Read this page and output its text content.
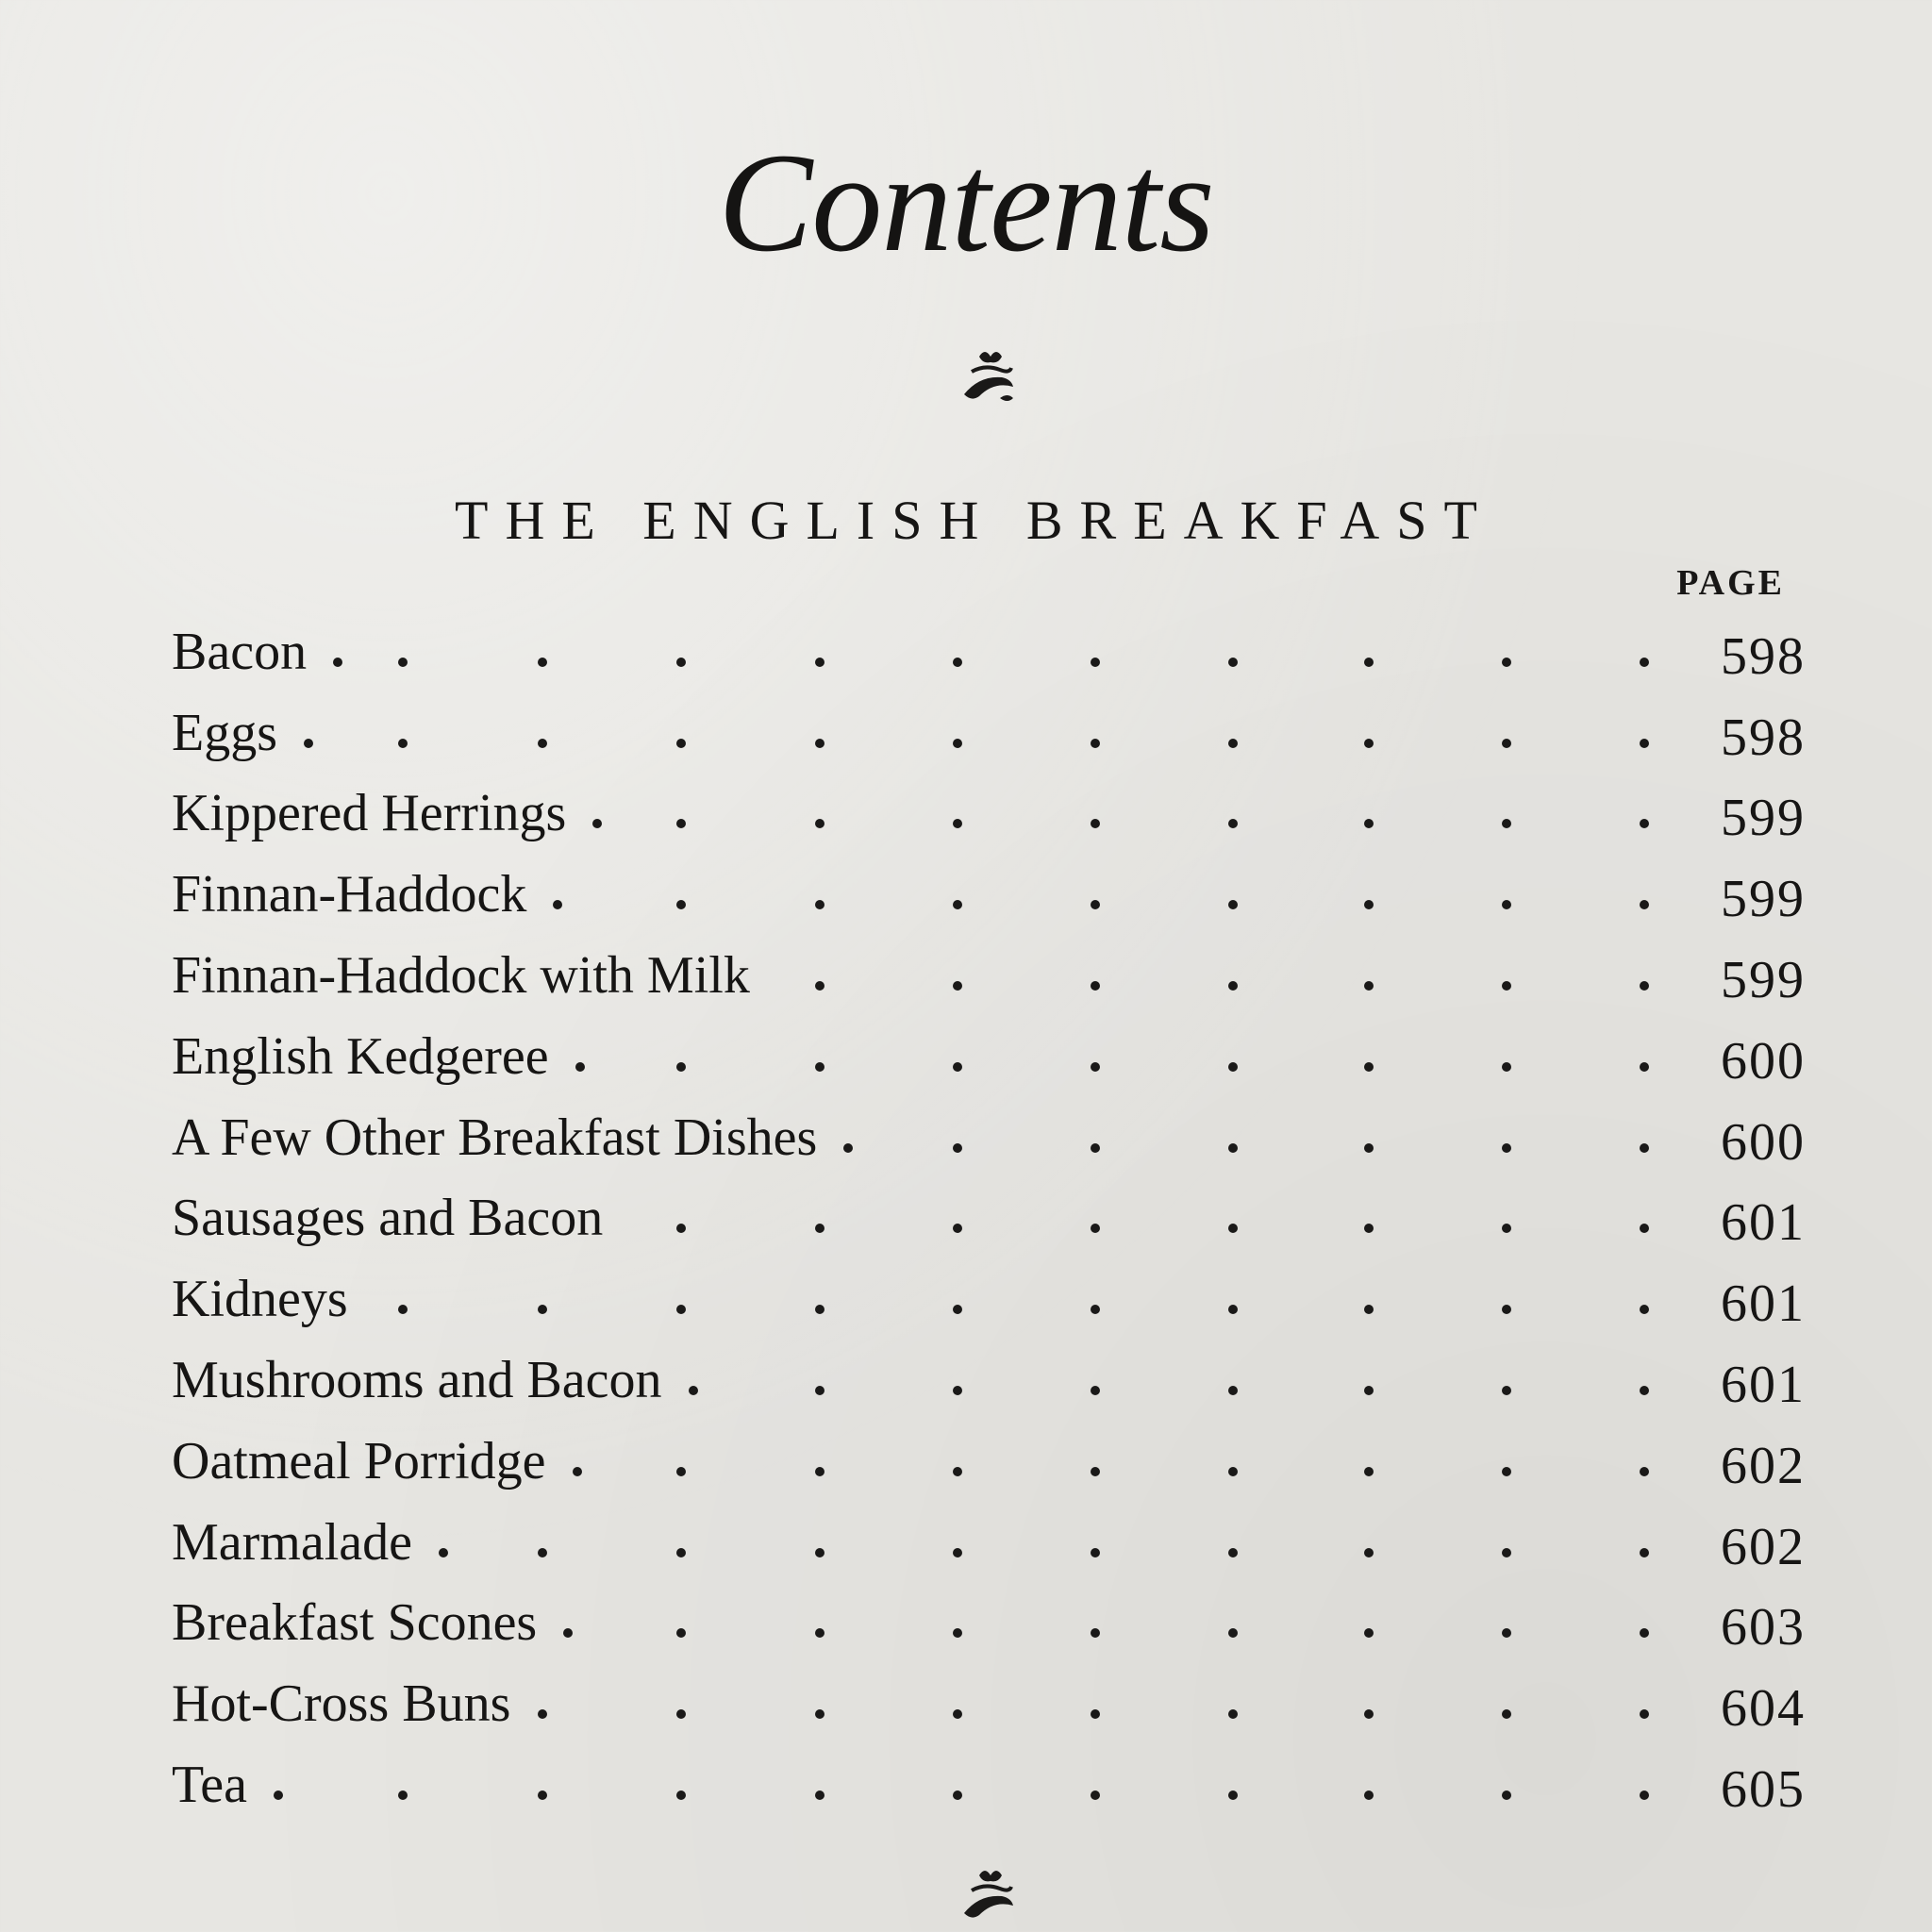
Contents
THE ENGLISH BREAKFAST
PAGE
Bacon	598
Eggs	598
Kippered Herrings	599
Finnan-Haddock	599
Finnan-Haddock with Milk	599
English Kedgeree	600
A Few Other Breakfast Dishes	600
Sausages and Bacon	601
Kidneys	601
Mushrooms and Bacon	601
Oatmeal Porridge	602
Marmalade	602
Breakfast Scones	603
Hot-Cross Buns	604
Tea	605
